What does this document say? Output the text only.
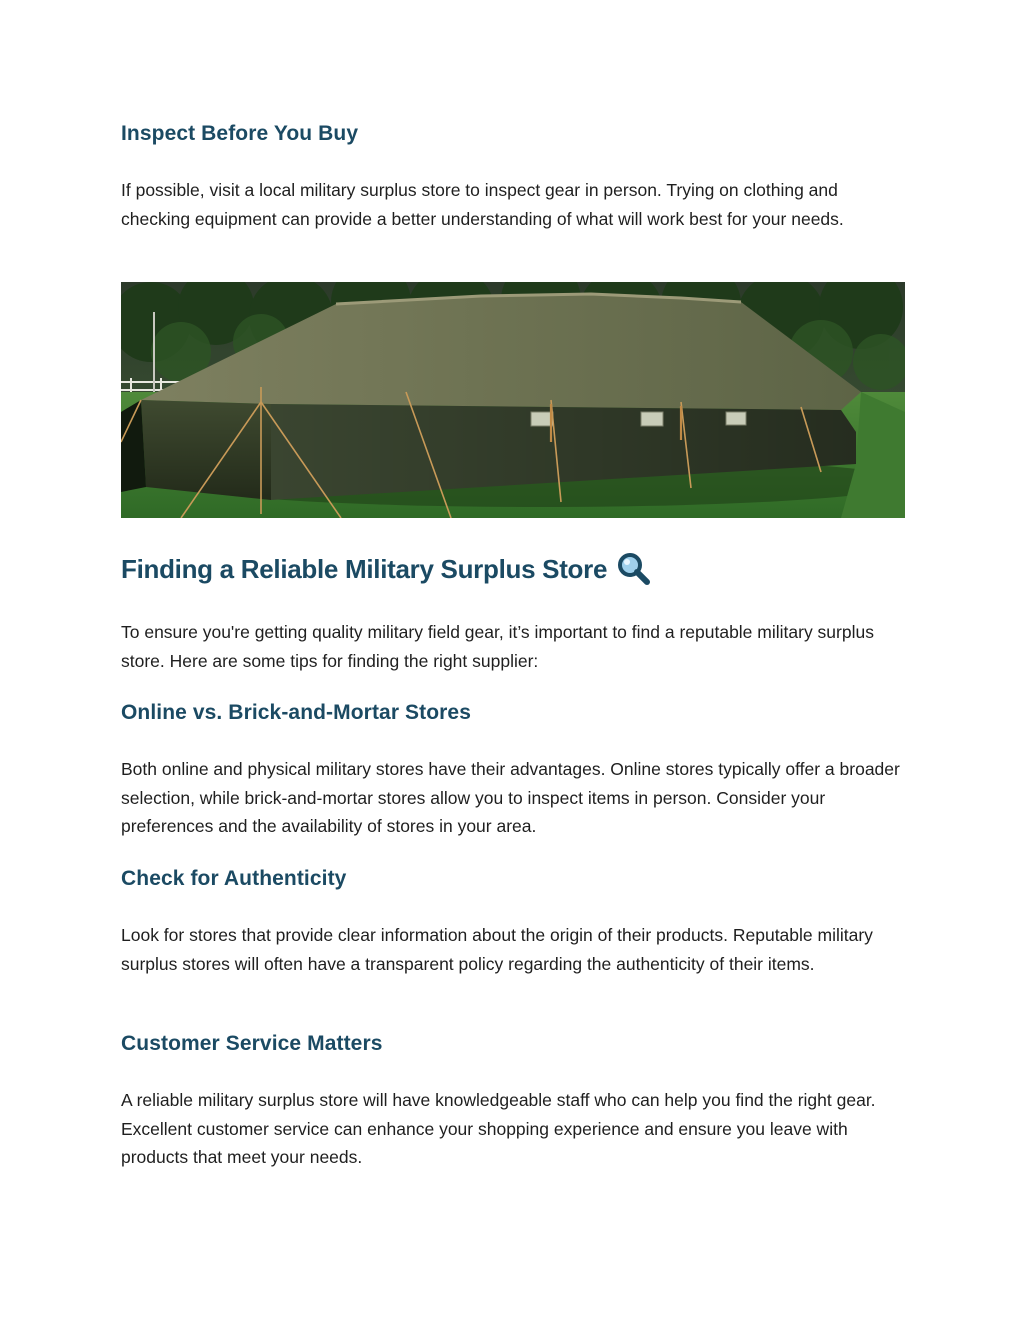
Inspect Before You Buy

If possible, visit a local military surplus store to inspect gear in person. Trying on clothing and checking equipment can provide a better understanding of what will work best for your needs.

Finding a Reliable Military Surplus Store

To ensure you're getting quality military field gear, it’s important to find a reputable military surplus store. Here are some tips for finding the right supplier:

Online vs. Brick-and-Mortar Stores

Both online and physical military stores have their advantages. Online stores typically offer a broader selection, while brick-and-mortar stores allow you to inspect items in person. Consider your preferences and the availability of stores in your area.

Check for Authenticity

Look for stores that provide clear information about the origin of their products. Reputable military surplus stores will often have a transparent policy regarding the authenticity of their items.

Customer Service Matters

A reliable military surplus store will have knowledgeable staff who can help you find the right gear. Excellent customer service can enhance your shopping experience and ensure you leave with products that meet your needs.
